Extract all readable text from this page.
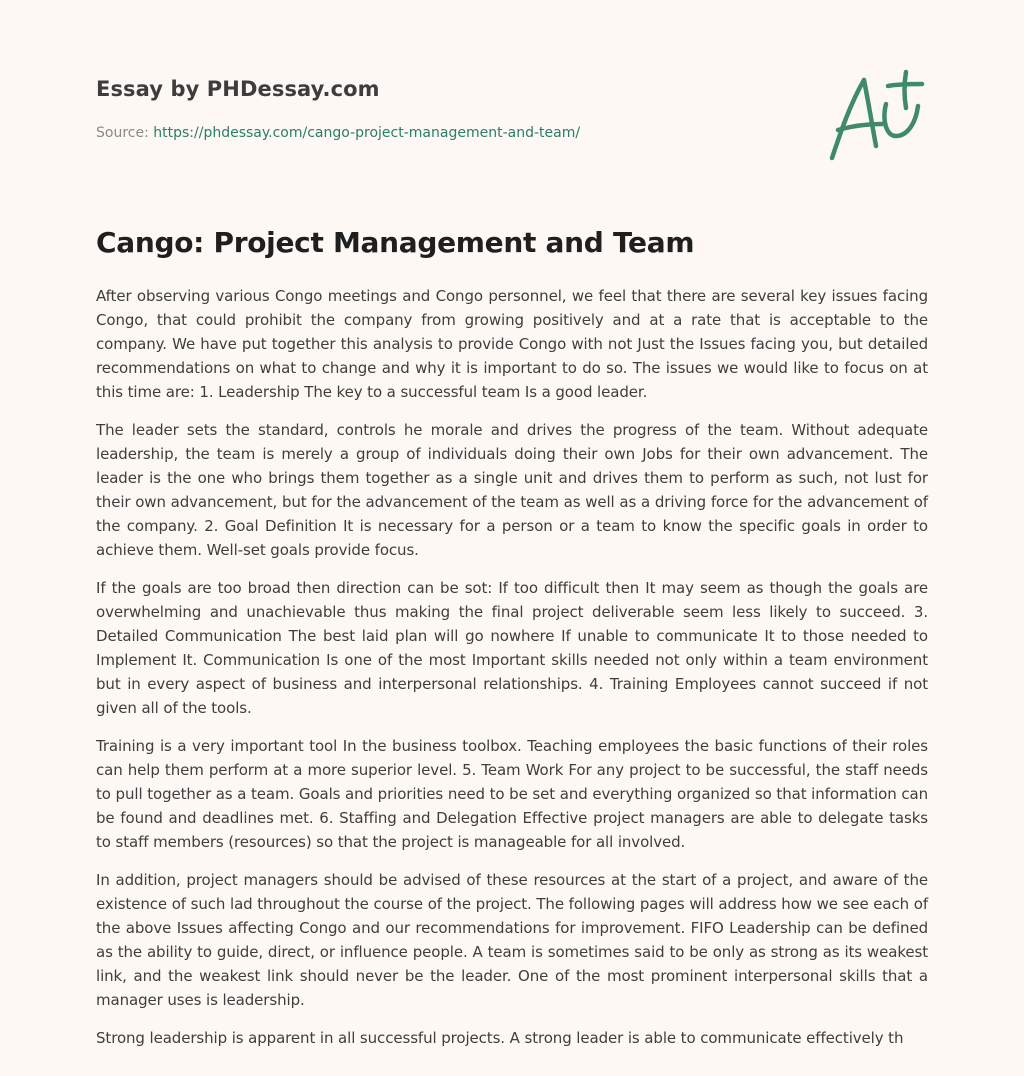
Essay by PHDessay.com
Source: https://phdessay.com/cango-project-management-and-team/
Cango: Project Management and Team

After observing various Congo meetings and Congo personnel, we feel that there are several key issues facing Congo, that could prohibit the company from growing positively and at a rate that is acceptable to the company. We have put together this analysis to provide Congo with not Just the Issues facing you, but detailed recommendations on what to change and why it is important to do so. The issues we would like to focus on at this time are: 1. Leadership The key to a successful team Is a good leader.

The leader sets the standard, controls he morale and drives the progress of the team. Without adequate leadership, the team is merely a group of individuals doing their own Jobs for their own advancement. The leader is the one who brings them together as a single unit and drives them to perform as such, not lust for their own advancement, but for the advancement of the team as well as a driving force for the advancement of the company. 2. Goal Definition It is necessary for a person or a team to know the specific goals in order to achieve them. Well-set goals provide focus.

If the goals are too broad then direction can be sot: If too difficult then It may seem as though the goals are overwhelming and unachievable thus making the final project deliverable seem less likely to succeed. 3. Detailed Communication The best laid plan will go nowhere If unable to communicate It to those needed to Implement It. Communication Is one of the most Important skills needed not only within a team environment but in every aspect of business and interpersonal relationships. 4. Training Employees cannot succeed if not given all of the tools.

Training is a very important tool In the business toolbox. Teaching employees the basic functions of their roles can help them perform at a more superior level. 5. Team Work For any project to be successful, the staff needs to pull together as a team. Goals and priorities need to be set and everything organized so that information can be found and deadlines met. 6. Staffing and Delegation Effective project managers are able to delegate tasks to staff members (resources) so that the project is manageable for all involved.

In addition, project managers should be advised of these resources at the start of a project, and aware of the existence of such lad throughout the course of the project. The following pages will address how we see each of the above Issues affecting Congo and our recommendations for improvement. FIFO Leadership can be defined as the ability to guide, direct, or influence people. A team is sometimes said to be only as strong as its weakest link, and the weakest link should never be the leader. One of the most prominent interpersonal skills that a manager uses is leadership.

Strong leadership is apparent in all successful projects. A strong leader is able to communicate effectively th
